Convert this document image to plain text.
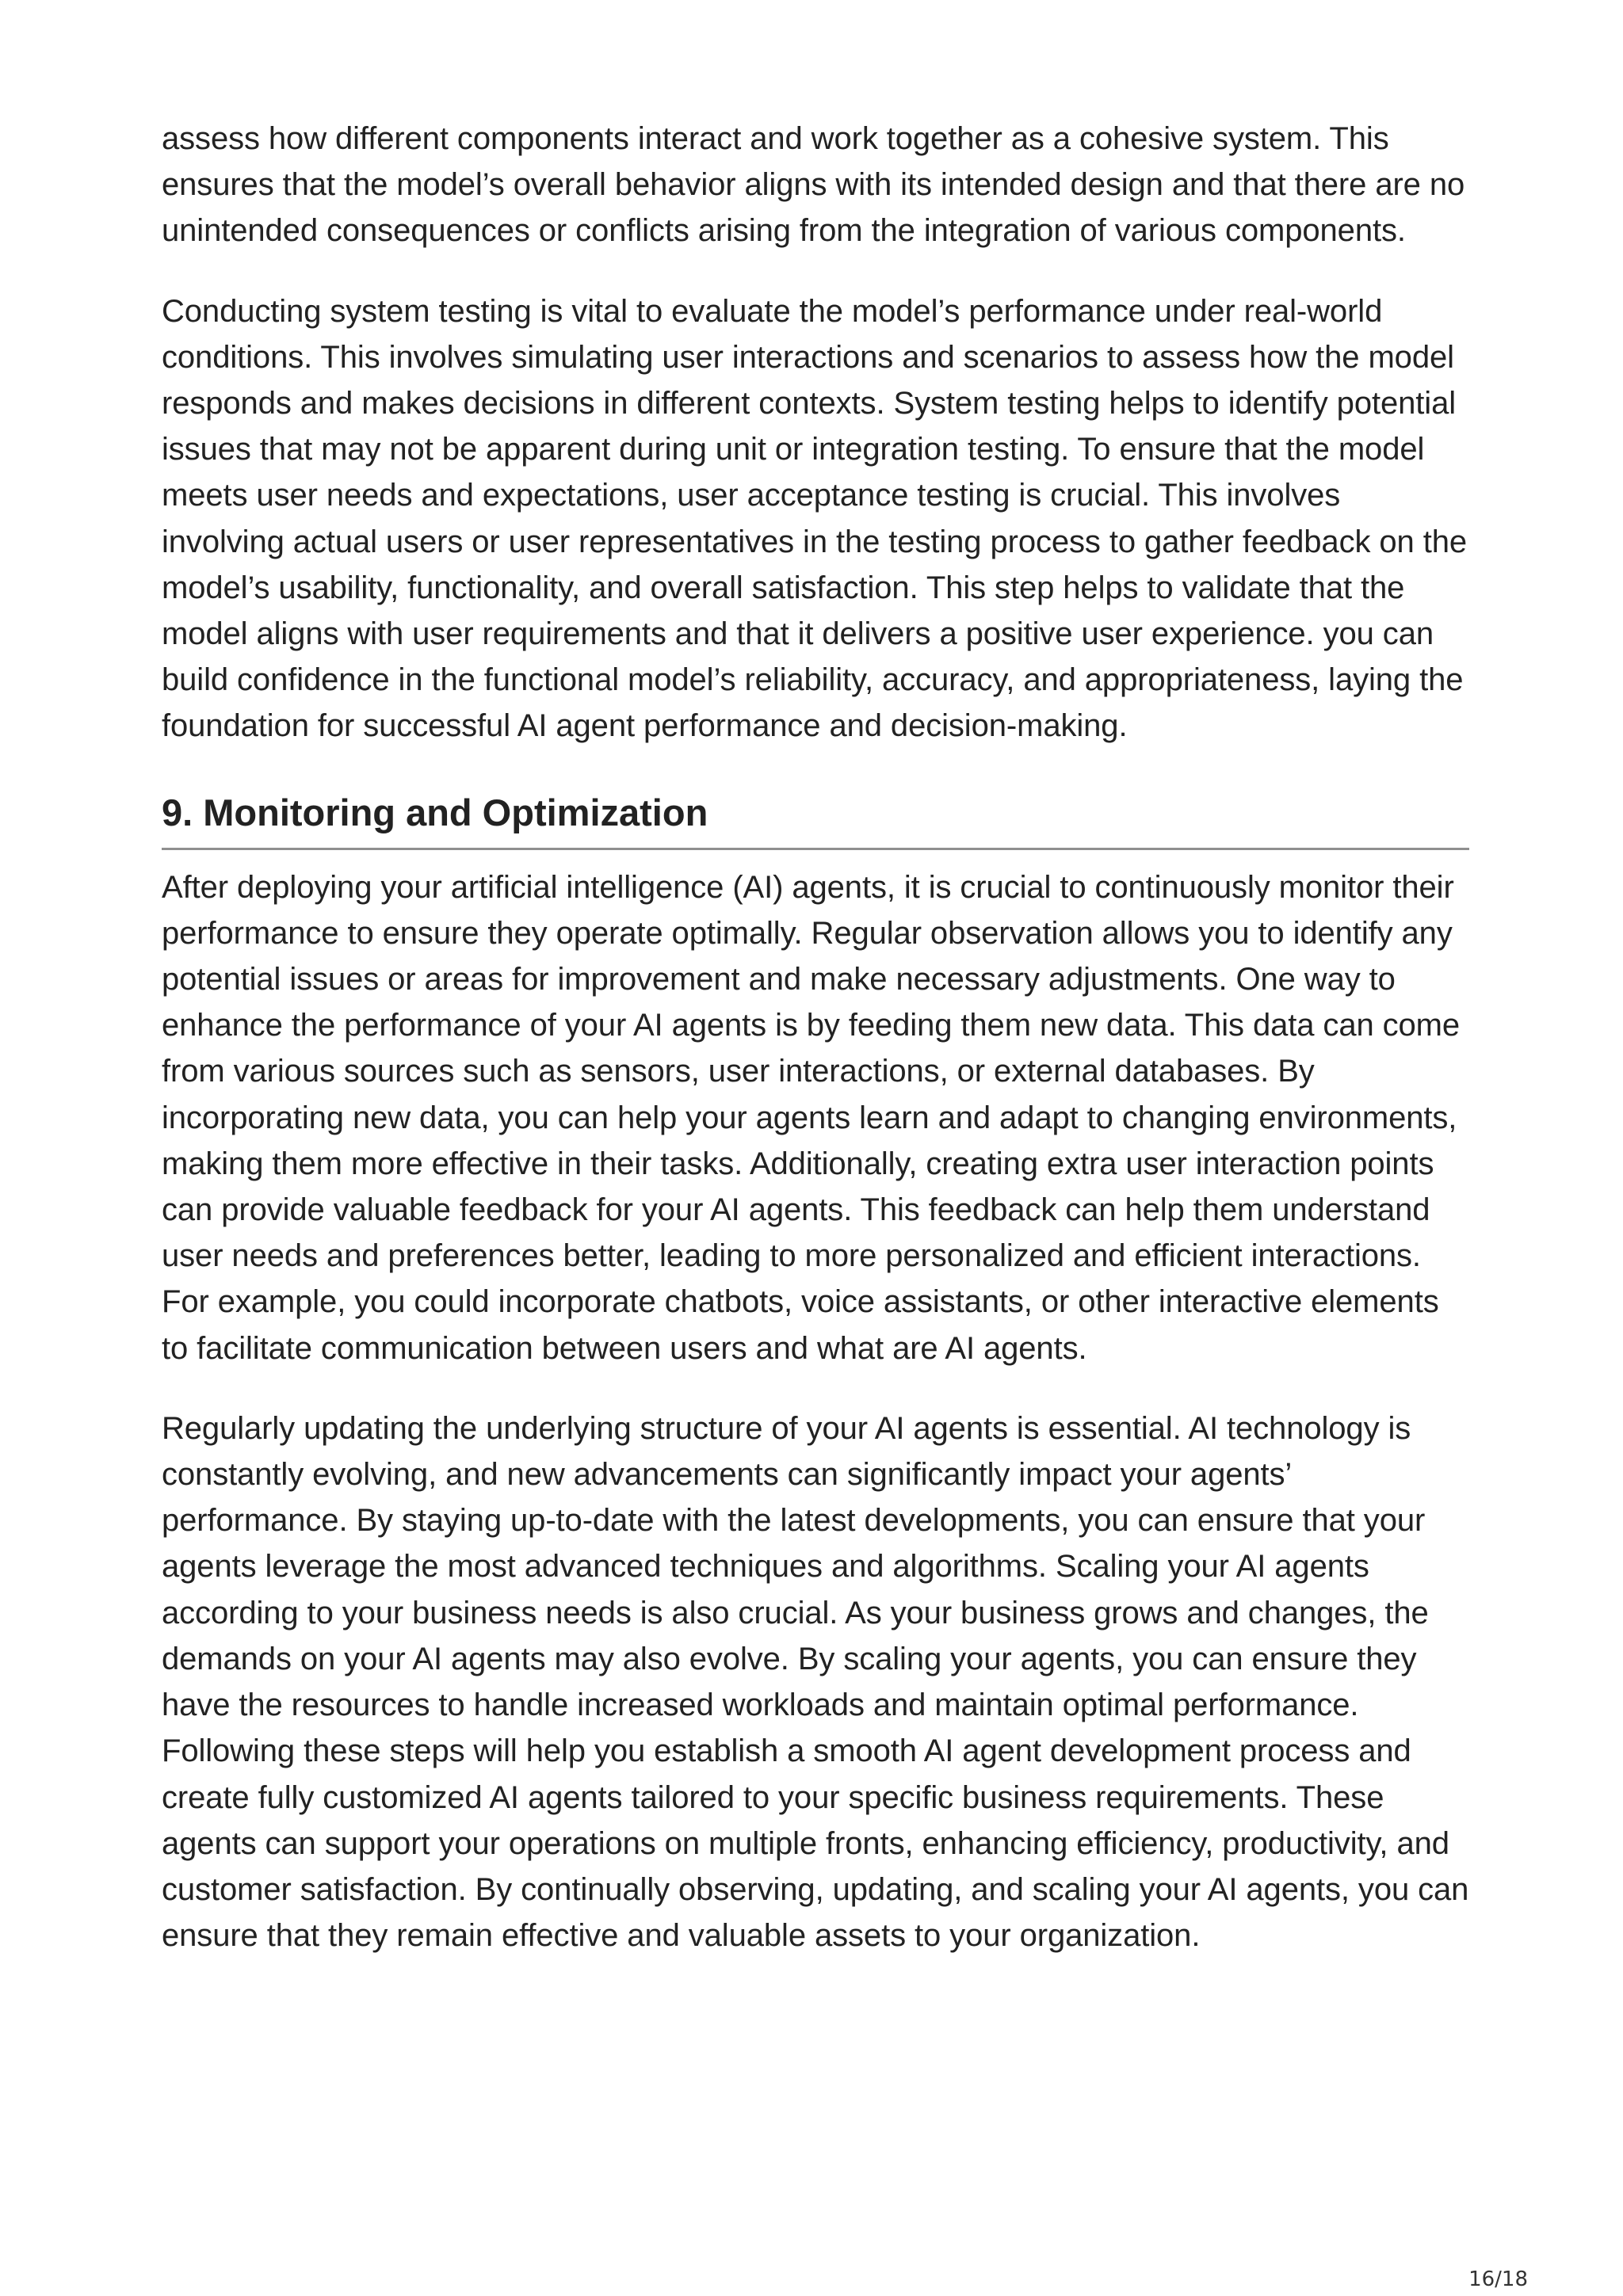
assess how different components interact and work together as a cohesive system. This ensures that the model’s overall behavior aligns with its intended design and that there are no unintended consequences or conflicts arising from the integration of various components.

Conducting system testing is vital to evaluate the model’s performance under real-world conditions. This involves simulating user interactions and scenarios to assess how the model responds and makes decisions in different contexts. System testing helps to identify potential issues that may not be apparent during unit or integration testing. To ensure that the model meets user needs and expectations, user acceptance testing is crucial. This involves involving actual users or user representatives in the testing process to gather feedback on the model’s usability, functionality, and overall satisfaction. This step helps to validate that the model aligns with user requirements and that it delivers a positive user experience. you can build confidence in the functional model’s reliability, accuracy, and appropriateness, laying the foundation for successful AI agent performance and decision-making.

9. Monitoring and Optimization

After deploying your artificial intelligence (AI) agents, it is crucial to continuously monitor their performance to ensure they operate optimally. Regular observation allows you to identify any potential issues or areas for improvement and make necessary adjustments. One way to enhance the performance of your AI agents is by feeding them new data. This data can come from various sources such as sensors, user interactions, or external databases. By incorporating new data, you can help your agents learn and adapt to changing environments, making them more effective in their tasks. Additionally, creating extra user interaction points can provide valuable feedback for your AI agents. This feedback can help them understand user needs and preferences better, leading to more personalized and efficient interactions. For example, you could incorporate chatbots, voice assistants, or other interactive elements to facilitate communication between users and what are AI agents.

Regularly updating the underlying structure of your AI agents is essential. AI technology is constantly evolving, and new advancements can significantly impact your agents’ performance. By staying up-to-date with the latest developments, you can ensure that your agents leverage the most advanced techniques and algorithms. Scaling your AI agents according to your business needs is also crucial. As your business grows and changes, the demands on your AI agents may also evolve. By scaling your agents, you can ensure they have the resources to handle increased workloads and maintain optimal performance. Following these steps will help you establish a smooth AI agent development process and create fully customized AI agents tailored to your specific business requirements. These agents can support your operations on multiple fronts, enhancing efficiency, productivity, and customer satisfaction. By continually observing, updating, and scaling your AI agents, you can ensure that they remain effective and valuable assets to your organization.

16/18
